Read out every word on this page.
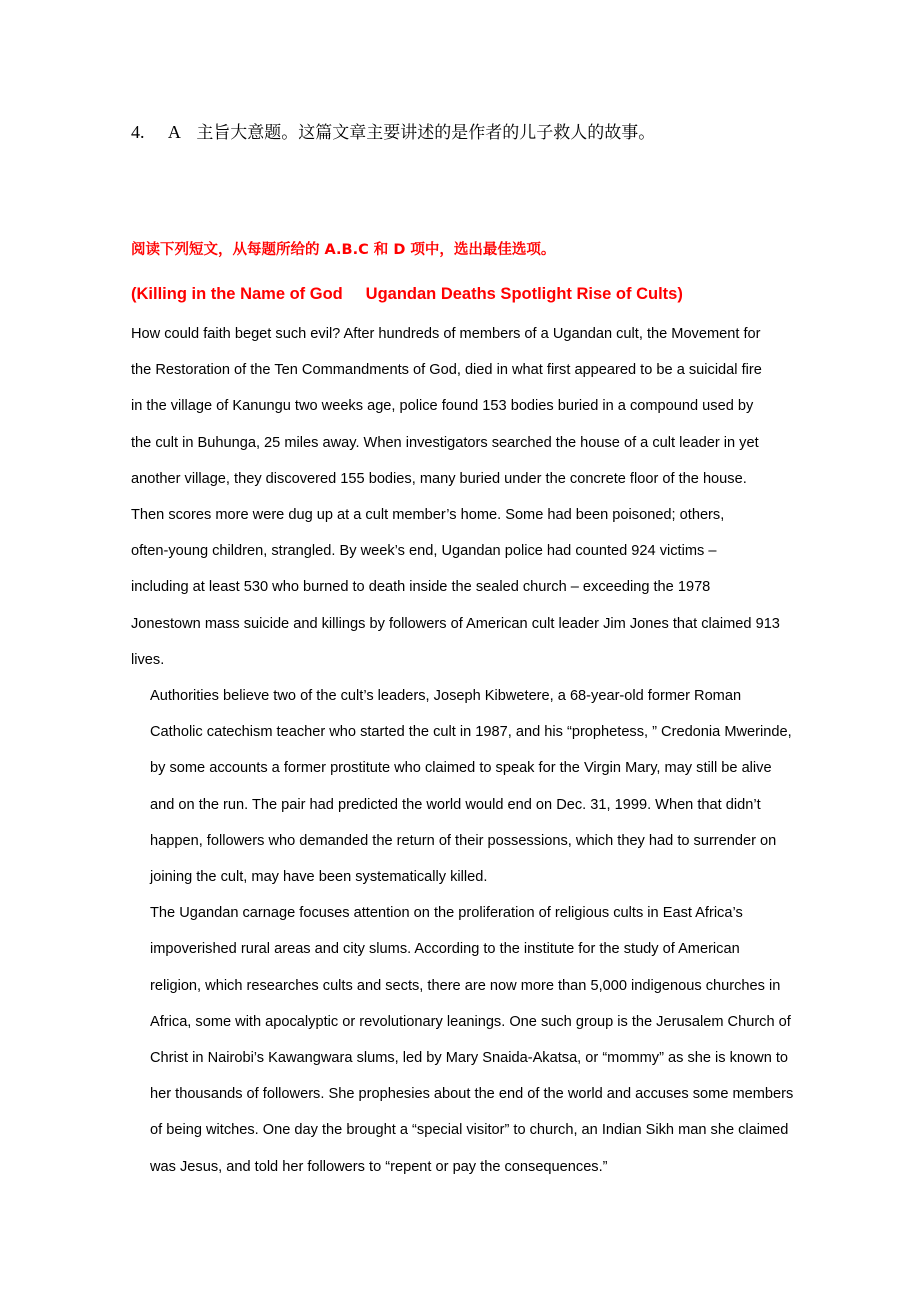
4. A 主旨大意题。这篇文章主要讲述的是作者的儿子救人的故事。
阅读下列短文，从每题所给的 A.B.C 和 D 项中，选出最佳选项。
(Killing in the Name of God     Ugandan Deaths Spotlight Rise of Cults)

How could faith beget such evil? After hundreds of members of a Ugandan cult, the Movement for
the Restoration of the Ten Commandments of God, died in what first appeared to be a suicidal fire
in the village of Kanungu two weeks age, police found 153 bodies buried in a compound used by
the cult in Buhunga, 25 miles away. When investigators searched the house of a cult leader in yet
another village, they discovered 155 bodies, many buried under the concrete floor of the house.
Then scores more were dug up at a cult member’s home. Some had been poisoned; others,
often-young children, strangled. By week’s end, Ugandan police had counted 924 victims –
including at least 530 who burned to death inside the sealed church – exceeding the 1978
Jonestown mass suicide and killings by followers of American cult leader Jim Jones that claimed 913
lives.

Authorities believe two of the cult’s leaders, Joseph Kibwetere, a 68-year-old former Roman
Catholic catechism teacher who started the cult in 1987, and his “prophetess, ” Credonia Mwerinde,
by some accounts a former prostitute who claimed to speak for the Virgin Mary, may still be alive
and on the run. The pair had predicted the world would end on Dec. 31, 1999. When that didn’t
happen, followers who demanded the return of their possessions, which they had to surrender on
joining the cult, may have been systematically killed.

The Ugandan carnage focuses attention on the proliferation of religious cults in East Africa’s
impoverished rural areas and city slums. According to the institute for the study of American
religion, which researches cults and sects, there are now more than 5,000 indigenous churches in
Africa, some with apocalyptic or revolutionary leanings. One such group is the Jerusalem Church of
Christ in Nairobi’s Kawangwara slums, led by Mary Snaida-Akatsa, or “mommy” as she is known to
her thousands of followers. She prophesies about the end of the world and accuses some members
of being witches. One day the brought a “special visitor” to church, an Indian Sikh man she claimed
was Jesus, and told her followers to “repent or pay the consequences.”
